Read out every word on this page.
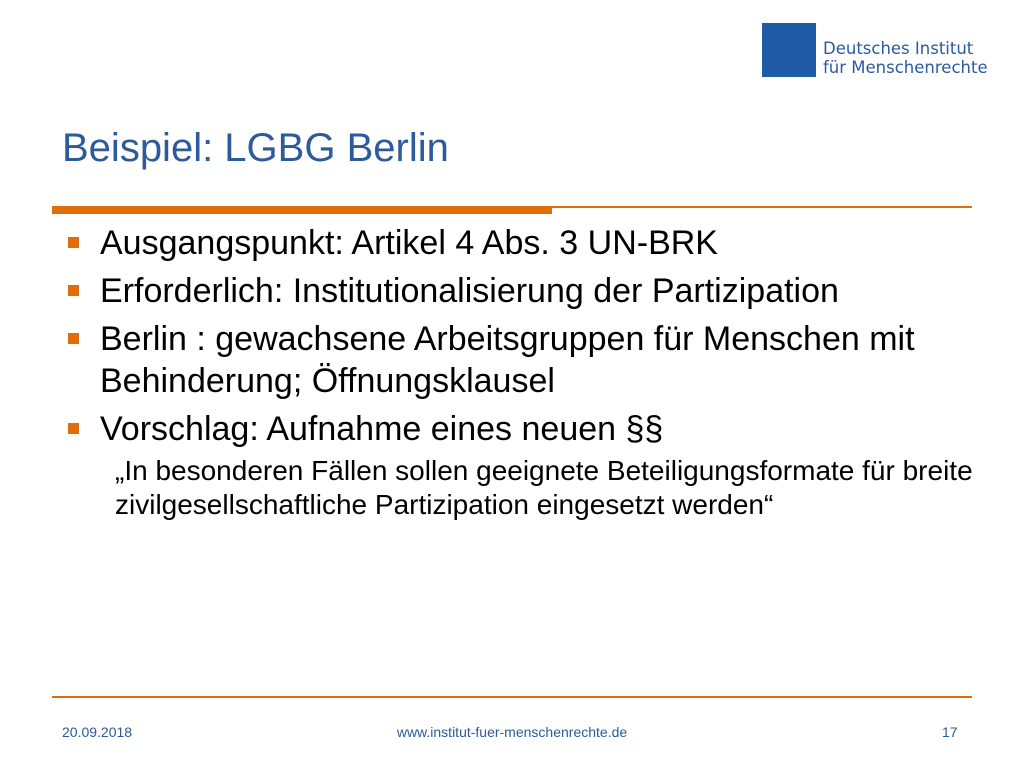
Deutsches Institut
für Menschenrechte
Beispiel: LGBG Berlin
Ausgangspunkt: Artikel 4 Abs. 3 UN-BRK
Erforderlich: Institutionalisierung der Partizipation
Berlin : gewachsene Arbeitsgruppen für Menschen mit Behinderung; Öffnungsklausel
Vorschlag: Aufnahme eines neuen §§
„In besonderen Fällen sollen geeignete Beteiligungsformate für breite zivilgesellschaftliche Partizipation eingesetzt werden“
20.09.2018	www.institut-fuer-menschenrechte.de	17
